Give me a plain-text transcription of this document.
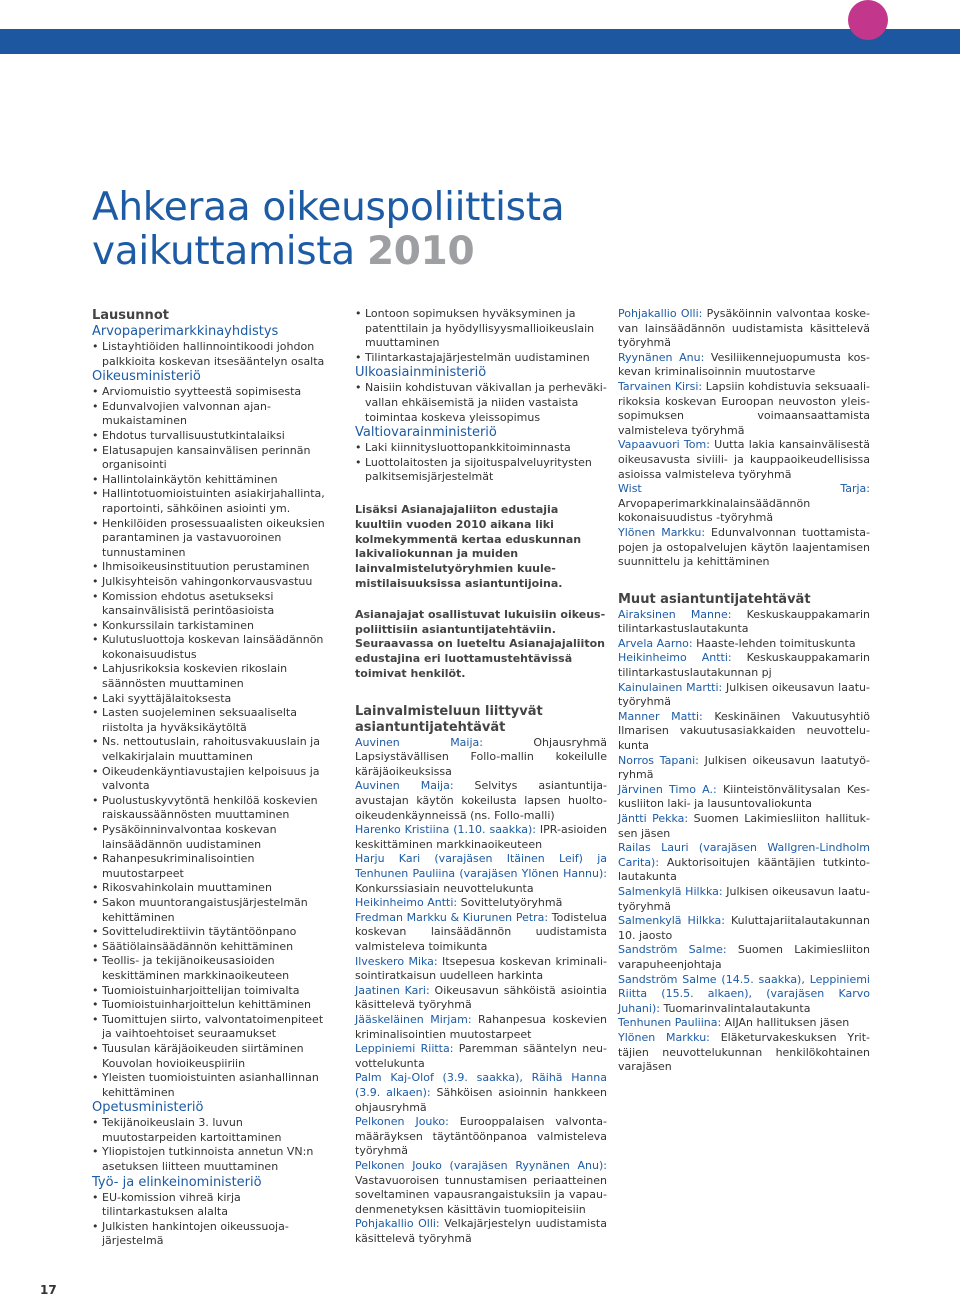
Ahkeraa oikeuspoliittista
vaikuttamista 2010
Lausunnot
Arvopaperimarkkinayhdistys
• Listayhtiöiden hallinnointikoodi johdon palkkioita koskevan itsesääntelyn osalta
Oikeusministeriö
• Arviomuistio syytteestä sopimisesta
• Edunvalvojien valvonnan ajanmukaistaminen
• Ehdotus turvallisuustutkintalaiksi
• Elatusapujen kansainvälisen perinnän organisointi
• Hallintolainkäytön kehittäminen
• Hallintotuomioistuinten asiakirjahallinta, raportointi, sähköinen asiointi ym.
• Henkilöiden prosessuaalisten oikeuksien parantaminen ja vastavuoroinen tunnustaminen
• Ihmisoikeusinstituution perustaminen
• Julkisyhteisön vahingonkorvausvastuu
• Komission ehdotus asetukseksi kansainvälisistä perintöasioista
• Konkurssilain tarkistaminen
• Kulutusluottoja koskevan lainsäädännön kokonaisuudistus
• Lahjusrikoksia koskevien rikoslain säännösten muuttaminen
• Laki syyttäjälaitoksesta
• Lasten suojeleminen seksuaaliselta riistolta ja hyväksikäytöltä
• Ns. nettoutuslain, rahoitusvakuuslain ja velkakirjalain muuttaminen
• Oikeudenkäyntiavustajien kelpoisuus ja valvonta
• Puolustuskyvytöntä henkilöä koskevien raiskaussäännösten muuttaminen
• Pysäköinninvalvontaa koskevan lainsäädännön uudistaminen
• Rahanpesukriminalisointien muutostarpeet
• Rikosvahinkolain muuttaminen
• Sakon muuntorangaistusjärjestelmän kehittäminen
• Sovitteludirektiivin täytäntöönpano
• Säätiölainsäädännön kehittäminen
• Teollis- ja tekijänoikeusasioiden keskittäminen markkinaoikeuteen
• Tuomioistuinharjoittelijan toimivalta
• Tuomioistuinharjoittelun kehittäminen
• Tuomittujen siirto, valvontatoimenpiteet ja vaihtoehtoiset seuraamukset
• Tuusulan käräjäoikeuden siirtäminen Kouvolan hovioikeuspiiriin
• Yleisten tuomioistuinten asianhallinnan kehittäminen
Opetusministeriö
• Tekijänoikeuslain 3. luvun muutostarpeiden kartoittaminen
• Yliopistojen tutkinnoista annetun VN:n asetuksen liitteen muuttaminen
Työ- ja elinkeinoministeriö
• EU-komission vihreä kirja tilintarkastuksen alalta
• Julkisten hankintojen oikeussuojajärjestelmä
• Lontoon sopimuksen hyväksyminen ja patenttilain ja hyödyllisyysmallioikeuslain muuttaminen
• Tilintarkastajajärjestelmän uudistaminen
Ulkoasiainministeriö
• Naisiin kohdistuvan väkivallan ja perheväkivallan ehkäisemistä ja niiden vastaista toimintaa koskeva yleissopimus
Valtiovarainministeriö
• Laki kiinnitysluottopankkitoiminnasta
• Luottolaitosten ja sijoituspalveluyritysten palkitsemisjärjestelmät

Lisäksi Asianajajaliiton edustajia kuultiin vuoden 2010 aikana liki kolmekymmentä kertaa eduskunnan lakivaliokunnan ja muiden lainvalmistelutyöryhmien kuulemistilaisuuksissa asiantuntijoina.

Asianajajat osallistuvat lukuisiin oikeuspoliittisiin asiantuntijatehtäviin. Seuraavassa on lueteltu Asianajajaliiton edustajina eri luottamustehtävissä toimivat henkilöt.

Lainvalmisteluun liittyvät asiantuntijatehtävät

Auvinen Maija: Ohjausryhmä Lapsiystävällisen Follo-mallin kokeilulle käräjäoikeuksissa

Auvinen Maija: Selvitys asiantuntija-avustajan käytön kokeilusta lapsen huolto-oikeudenkäynneissä (ns. Follo-malli)

Harenko Kristiina (1.10. saakka): IPR-asioiden keskittäminen markkinaoikeuteen

Harju Kari (varajäsen Itäinen Leif) ja Tenhunen Pauliina (varajäsen Ylönen Hannu): Konkurssiasiain neuvottelukunta

Heikinheimo Antti: Sovittelutyöryhmä

Fredman Markku & Kiurunen Petra: Todistelua koskevan lainsäädännön uudistamista valmisteleva toimikunta

Ilveskero Mika: Itsepesua koskevan kriminalisointiratkaisun uudelleen harkinta

Jaatinen Kari: Oikeusavun sähköistä asiointia käsittelevä työryhmä

Jääskeläinen Mirjam: Rahanpesua koskevien kriminalisointien muutostarpeet

Leppiniemi Riitta: Paremman sääntelyn neuvottelukunta

Palm Kaj-Olof (3.9. saakka), Räihä Hanna (3.9. alkaen): Sähköisen asioinnin hankkeen ohjausryhmä

Pelkonen Jouko: Eurooppalaisen valvontamääräyksen täytäntöönpanoa valmisteleva työryhmä

Pelkonen Jouko (varajäsen Ryynänen Anu): Vastavuoroisen tunnustamisen periaatteinen soveltaminen vapausrangaistuksiin ja vapaudenmenetyksen käsittävin tuomiopiteisiin

Pohjakallio Olli: Velkajärjestelyn uudistamista käsittelevä työryhmä

Pohjakallio Olli: Pysäköinnin valvontaa koskevan lainsäädännön uudistamista käsittelevä työryhmä

Ryynänen Anu: Vesiliikennejuopumusta koskevan kriminalisoinnin muutostarve

Tarvainen Kirsi: Lapsiin kohdistuvia seksuaalirikoksia koskevan Euroopan neuvoston yleissopimuksen voimaansaattamista valmisteleva työryhmä

Vapaavuori Tom: Uutta lakia kansainvälisestä oikeusavusta siviili- ja kauppaoikeudellisissa asioissa valmisteleva työryhmä

Wist Tarja: Arvopaperimarkkinalainsäädännön kokonaisuudistus -työryhmä

Ylönen Markku: Edunvalvonnan tuottamistapojen ja ostopalvelujen käytön laajentamisen suunnittelu ja kehittäminen

Muut asiantuntijatehtävät

Airaksinen Manne: Keskuskauppakamarin tilintarkastuslautakunta

Arvela Aarno: Haaste-lehden toimituskunta

Heikinheimo Antti: Keskuskauppakamarin tilintarkastuslautakunnan pj

Kainulainen Martti: Julkisen oikeusavun laatutyöryhmä

Manner Matti: Keskinäinen Vakuutusyhtiö Ilmarisen vakuutusasiakkaiden neuvottelukunta

Norros Tapani: Julkisen oikeusavun laatutyöryhmä

Järvinen Timo A.: Kiinteistönvälitysalan Keskusliiton laki- ja lausuntovaliokunta

Jäntti Pekka: Suomen Lakimiesliiton hallituksen jäsen

Railas Lauri (varajäsen Wallgren-Lindholm Carita): Auktorisoitujen kääntäjien tutkintolautakunta

Salmenkylä Hilkka: Julkisen oikeusavun laatutyöryhmä

Salmenkylä Hilkka: Kuluttajariitalautakunnan 10. jaosto

Sandström Salme: Suomen Lakimiesliiton varapuheenjohtaja

Sandström Salme (14.5. saakka), Leppiniemi Riitta (15.5. alkaen), (varajäsen Karvo Juhani): Tuomarinvalintalautakunta

Tenhunen Pauliina: AIJAn hallituksen jäsen

Ylönen Markku: Eläketurvakeskuksen Yrittäjien neuvottelukunnan henkilökohtainen varajäsen

17
